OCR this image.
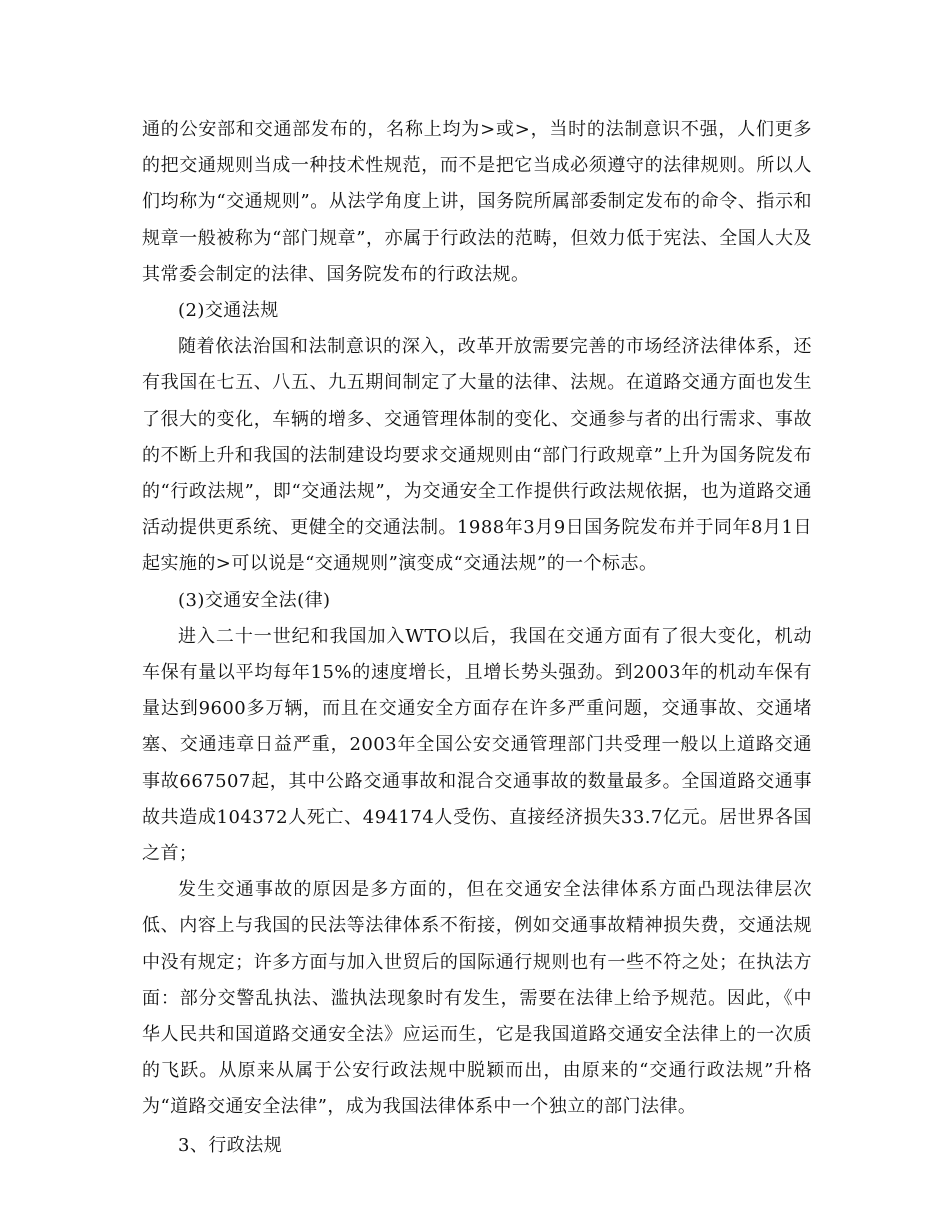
通的公安部和交通部发布的，名称上均为>或>，当时的法制意识不强，人们更多的把交通规则当成一种技术性规范，而不是把它当成必须遵守的法律规则。所以人们均称为“交通规则”。从法学角度上讲，国务院所属部委制定发布的命令、指示和规章一般被称为“部门规章”，亦属于行政法的范畴，但效力低于宪法、全国人大及其常委会制定的法律、国务院发布的行政法规。

(2)交通法规

随着依法治国和法制意识的深入，改革开放需要完善的市场经济法律体系，还有我国在七五、八五、九五期间制定了大量的法律、法规。在道路交通方面也发生了很大的变化，车辆的增多、交通管理体制的变化、交通参与者的出行需求、事故的不断上升和我国的法制建设均要求交通规则由“部门行政规章”上升为国务院发布的“行政法规”，即“交通法规”，为交通安全工作提供行政法规依据，也为道路交通活动提供更系统、更健全的交通法制。1988年3月9日国务院发布并于同年8月1日起实施的>可以说是“交通规则”演变成“交通法规”的一个标志。

(3)交通安全法(律)

进入二十一世纪和我国加入WTO以后，我国在交通方面有了很大变化，机动车保有量以平均每年15%的速度增长，且增长势头强劲。到2003年的机动车保有量达到9600多万辆，而且在交通安全方面存在许多严重问题，交通事故、交通堵塞、交通违章日益严重，2003年全国公安交通管理部门共受理一般以上道路交通事故667507起，其中公路交通事故和混合交通事故的数量最多。全国道路交通事故共造成104372人死亡、494174人受伤、直接经济损失33.7亿元。居世界各国之首；

发生交通事故的原因是多方面的，但在交通安全法律体系方面凸现法律层次低、内容上与我国的民法等法律体系不衔接，例如交通事故精神损失费，交通法规中没有规定；许多方面与加入世贸后的国际通行规则也有一些不符之处；在执法方面：部分交警乱执法、滥执法现象时有发生，需要在法律上给予规范。因此，《中华人民共和国道路交通安全法》应运而生，它是我国道路交通安全法律上的一次质的飞跃。从原来从属于公安行政法规中脱颖而出，由原来的“交通行政法规”升格为“道路交通安全法律”，成为我国法律体系中一个独立的部门法律。

3、行政法规
